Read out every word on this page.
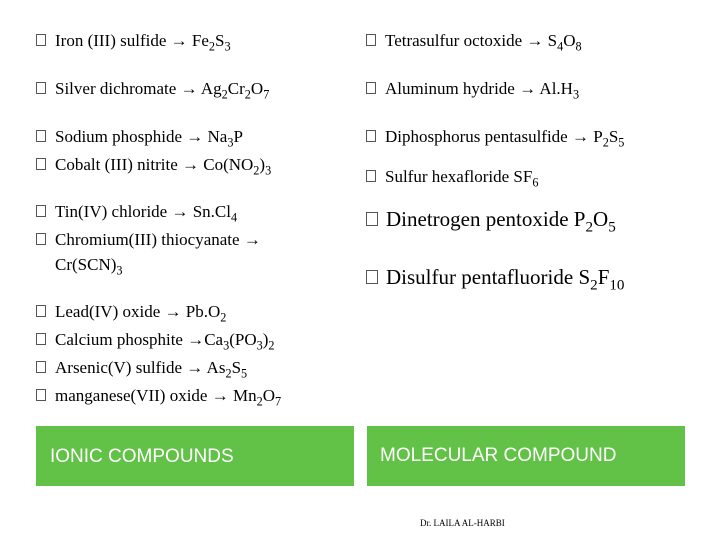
Iron (III) sulfide → $Fe_2S_3$
Silver dichromate → $Ag_2Cr_2O_7$
Sodium phosphide → $Na_3P$
Cobalt (III) nitrite → $Co(NO_2)_3$
Tin(IV) chloride → $Sn.Cl_4$
Chromium(III) thiocyanate →
$Cr(SCN)_3$
Lead(IV) oxide → $Pb.O_2$
Calcium phosphite $\to Ca_3(PO_3)_2$
Arsenic(V) sulfide → $As_2S_5$
manganese(VII) oxide → $Mn_2O_7$
Tetrasulfur octoxide → $S_4O_8$
Aluminum hydride → $Al.H_3$
Diphosphorus pentasulfide → $P_2S_5$
Sulfur hexafloride $SF_6$
Dinetrogen pentoxide $P_2O_5$
Disulfur pentafluoride $S_2F_{10}$
IONIC COMPOUNDS	MOLECULAR COMPOUND
Dr. LAILA AL-HARBI
